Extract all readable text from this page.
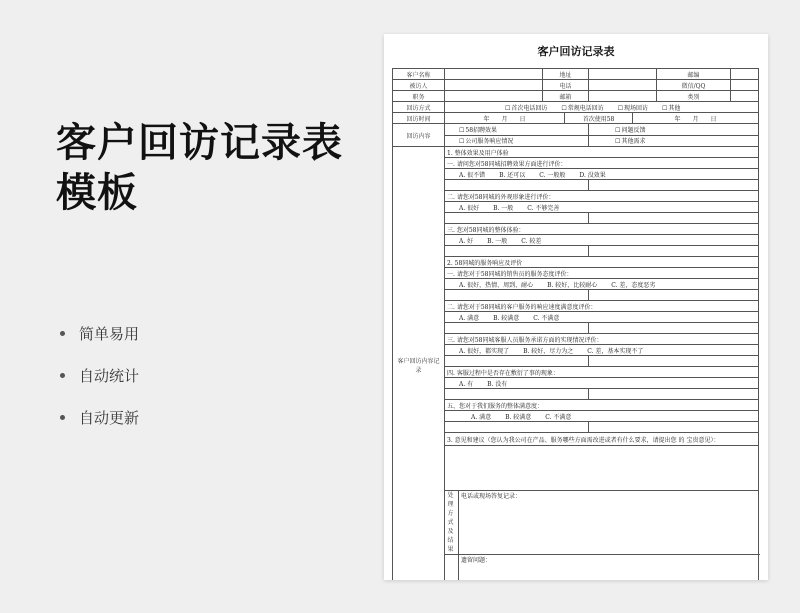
客户回访记录表
模板
简单易用
自动统计
自动更新
客户回访记录表
客户名称			地址				邮编	
被访人			电话				微信/QQ	
职务			邮箱				类别	
回访方式	☐ 首次电话回访 ☐ 常规电话回访 ☐ 现场回访 ☐ 其他
回访时间	年　　月　　日			首次使用58		年　　月　　日		
回访内容	☐ 58招聘效果				☐ 问题反馈
	☐ 公司服务响应情况				☐ 其他需求
客户回访内容记录	1. 整体效果及用户体验							
	一. 请问您对58同城招聘效果方面进行评价：							
	A. 很不错 B. 还可以 C. 一般般 D. 没效果							

	二. 请您对58同城的外观形象进行评价：							
	A. 很好 B. 一般 C. 不够完善							

	三. 您对58同城的整体体验：							
	A. 好 B. 一般 C. 较差							

	2. 58同城的服务响应及评价							
	一. 请您对于58同城的销售员的服务态度评价：							
	A. 很好，热情、周到、耐心 B. 较好，比较耐心 C. 差，态度恶劣							

	二. 请您对于58同城的客户服务的响应速度满意度评价：							
	A. 满意 B. 较满意 C. 不满意							

	三. 请您对58同城客服人员服务承诺方面的实现情况评价：							
	A. 很好，都实现了 B. 较好，尽力为之 C. 差，基本实现不了							

	四. 客服过程中是否存在敷衍了事的现象：							
	A. 有 B. 没有							

	五、您对于我们服务的整体满意度：							
	A. 满意 B. 较满意 C. 不满意							

	3. 意见和建议（您认为我公司在产品、服务哪些方面需改进或者有什么要求，请提出您 的 宝贵意见）：							

	处理方式及结果	电话或现场答复记录：						
		遗留问题：						
